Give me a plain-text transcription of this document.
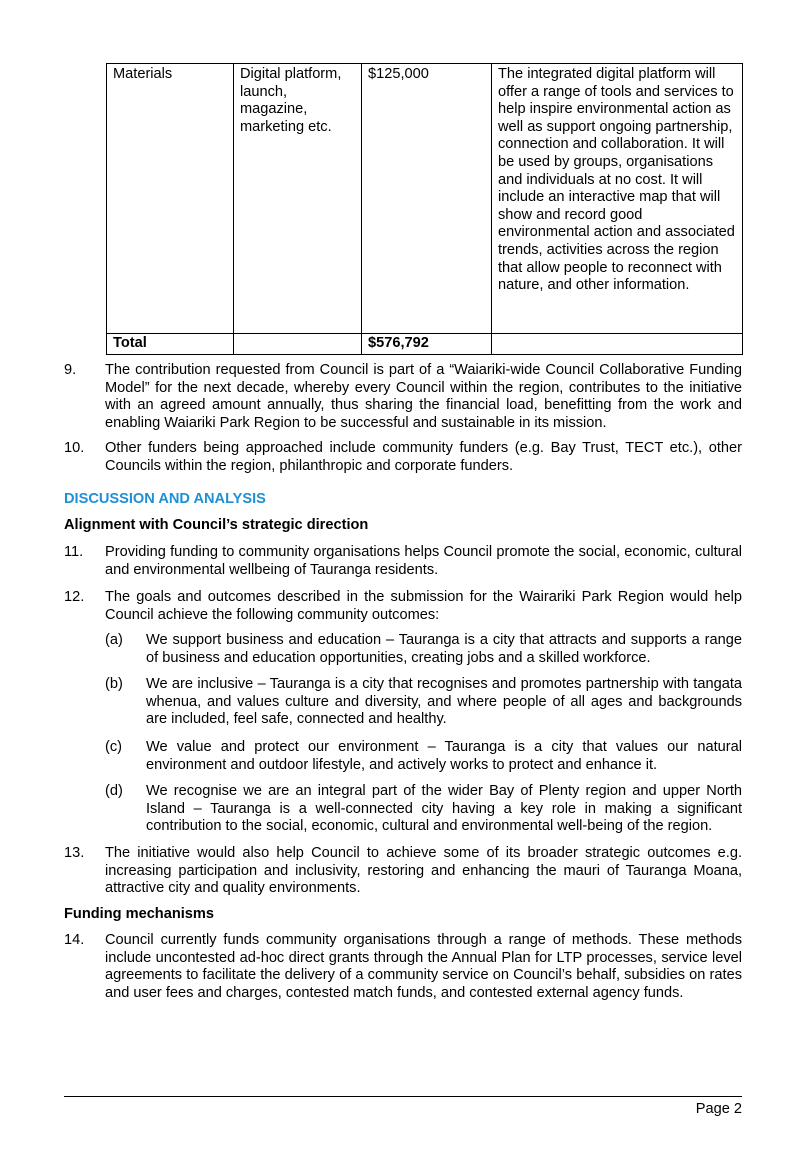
Materials	Digital platform, launch, magazine, marketing etc.	$125,000	The integrated digital platform will offer a range of tools and services to help inspire environmental action as well as support ongoing partnership, connection and collaboration. It will be used by groups, organisations and individuals at no cost. It will include an interactive map that will show and record good environmental action and associated trends, activities across the region that allow people to reconnect with nature, and other information.
Total		$576,792	
9. The contribution requested from Council is part of a “Waiariki-wide Council Collaborative Funding Model” for the next decade, whereby every Council within the region, contributes to the initiative with an agreed amount annually, thus sharing the financial load, benefitting from the work and enabling Waiariki Park Region to be successful and sustainable in its mission.
10. Other funders being approached include community funders (e.g. Bay Trust, TECT etc.), other Councils within the region, philanthropic and corporate funders.
DISCUSSION AND ANALYSIS
Alignment with Council’s strategic direction
11. Providing funding to community organisations helps Council promote the social, economic, cultural and environmental wellbeing of Tauranga residents.
12. The goals and outcomes described in the submission for the Wairariki Park Region would help Council achieve the following community outcomes:
(a) We support business and education – Tauranga is a city that attracts and supports a range of business and education opportunities, creating jobs and a skilled workforce.
(b) We are inclusive – Tauranga is a city that recognises and promotes partnership with tangata whenua, and values culture and diversity, and where people of all ages and backgrounds are included, feel safe, connected and healthy.
(c) We value and protect our environment – Tauranga is a city that values our natural environment and outdoor lifestyle, and actively works to protect and enhance it.
(d) We recognise we are an integral part of the wider Bay of Plenty region and upper North Island – Tauranga is a well-connected city having a key role in making a significant contribution to the social, economic, cultural and environmental well-being of the region.
13. The initiative would also help Council to achieve some of its broader strategic outcomes e.g. increasing participation and inclusivity, restoring and enhancing the mauri of Tauranga Moana, attractive city and quality environments.
Funding mechanisms
14. Council currently funds community organisations through a range of methods. These methods include uncontested ad-hoc direct grants through the Annual Plan for LTP processes, service level agreements to facilitate the delivery of a community service on Council’s behalf, subsidies on rates and user fees and charges, contested match funds, and contested external agency funds.
Page 2
